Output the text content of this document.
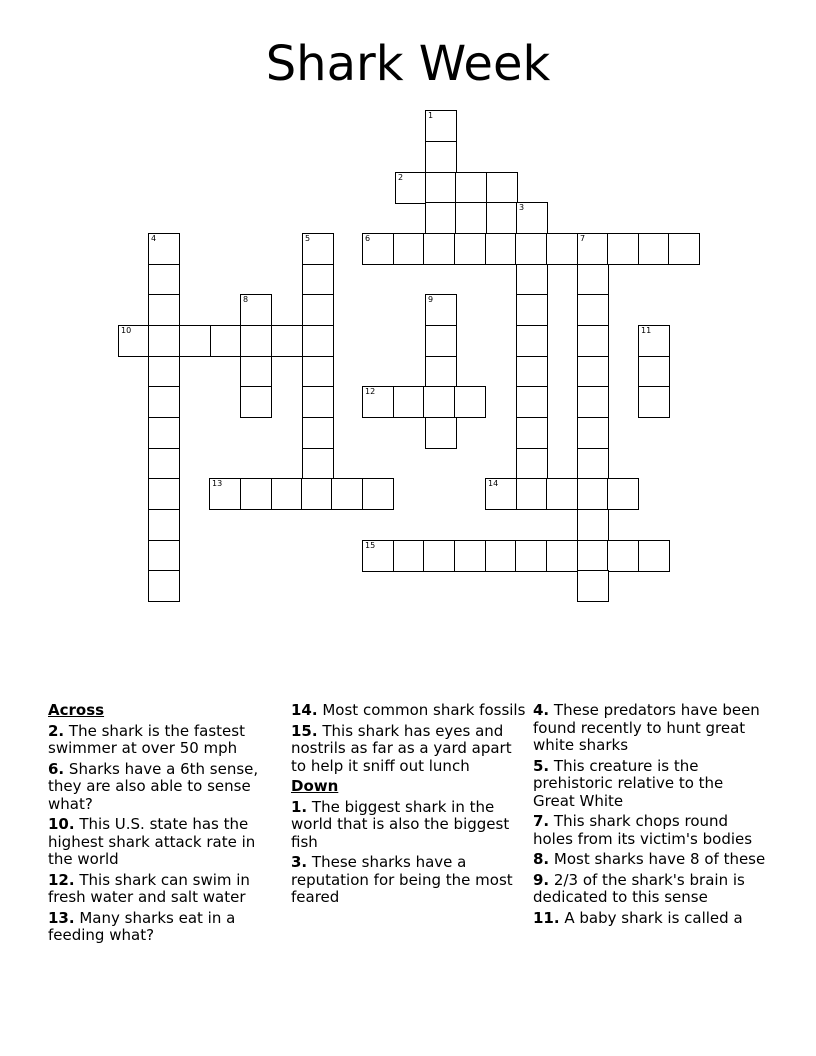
Shark Week
1
2
3
4	5	6	7
8	9
10	11
12
13	14
15
Across
2. The shark is the fastest swimmer at over 50 mph
6. Sharks have a 6th sense, they are also able to sense what?
10. This U.S. state has the highest shark attack rate in the world
12. This shark can swim in fresh water and salt water
13. Many sharks eat in a feeding what?
14. Most common shark fossils
15. This shark has eyes and nostrils as far as a yard apart to help it sniff out lunch
Down
1. The biggest shark in the world that is also the biggest fish
3. These sharks have a reputation for being the most feared
4. These predators have been found recently to hunt great white sharks
5. This creature is the prehistoric relative to the Great White
7. This shark chops round holes from its victim's bodies
8. Most sharks have 8 of these
9. 2/3 of the shark's brain is dedicated to this sense
11. A baby shark is called a
